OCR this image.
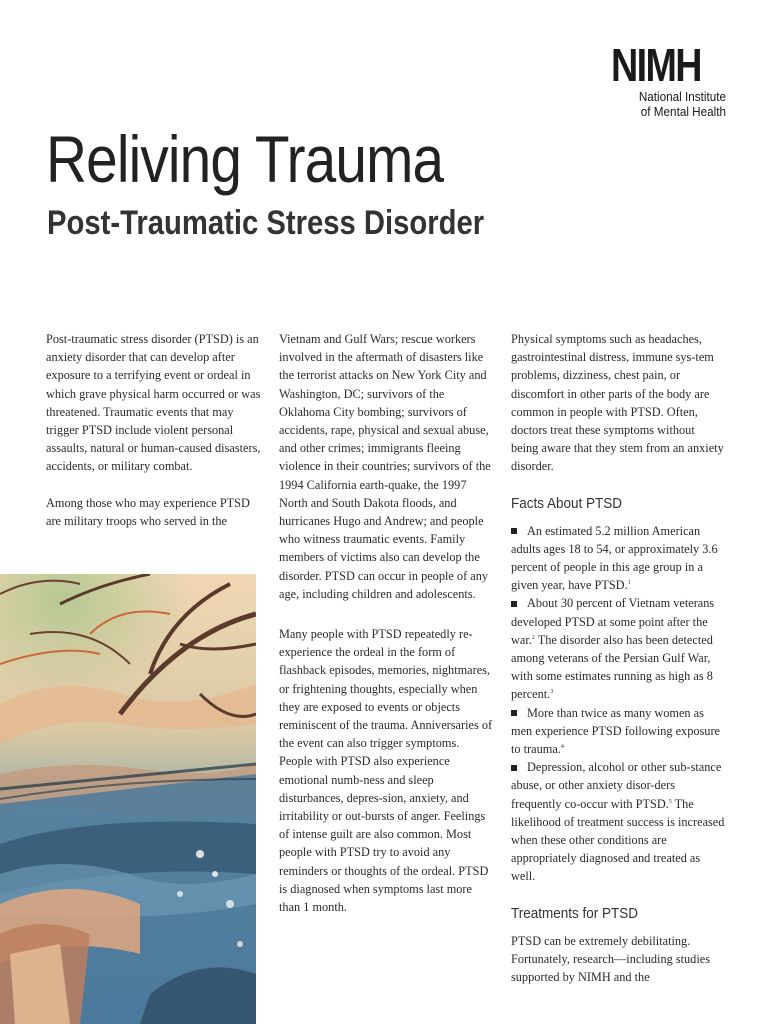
NIMH
National Institute
of Mental Health
Reliving Trauma
Post-Traumatic Stress Disorder

Post-traumatic stress disorder (PTSD) is an anxiety disorder that can develop after exposure to a terrifying event or ordeal in which grave physical harm occurred or was threatened. Traumatic events that may trigger PTSD include violent personal assaults, natural or human-caused disasters, accidents, or military combat.

Among those who may experience PTSD are military troops who served in the

Vietnam and Gulf Wars; rescue workers involved in the aftermath of disasters like the terrorist attacks on New York City and Washington, DC; survivors of the Oklahoma City bombing; survivors of accidents, rape, physical and sexual abuse, and other crimes; immigrants fleeing violence in their countries; survivors of the 1994 California earth-quake, the 1997 North and South Dakota floods, and hurricanes Hugo and Andrew; and people who witness traumatic events. Family members of victims also can develop the disorder. PTSD can occur in people of any age, including children and adolescents.

Many people with PTSD repeatedly re-experience the ordeal in the form of flashback episodes, memories, nightmares, or frightening thoughts, especially when they are exposed to events or objects reminiscent of the trauma. Anniversaries of the event can also trigger symptoms. People with PTSD also experience emotional numb-ness and sleep disturbances, depres-sion, anxiety, and irritability or out-bursts of anger. Feelings of intense guilt are also common. Most people with PTSD try to avoid any reminders or thoughts of the ordeal. PTSD is diagnosed when symptoms last more than 1 month.

Physical symptoms such as headaches, gastrointestinal distress, immune sys-tem problems, dizziness, chest pain, or discomfort in other parts of the body are common in people with PTSD. Often, doctors treat these symptoms without being aware that they stem from an anxiety disorder.

Facts About PTSD

An estimated 5.2 million American adults ages 18 to 54, or approximately 3.6 percent of people in this age group in a given year, have PTSD.$^1$

About 30 percent of Vietnam veterans developed PTSD at some point after the war.$^2$ The disorder also has been detected among veterans of the Persian Gulf War, with some estimates running as high as 8 percent.$^3$

More than twice as many women as men experience PTSD following exposure to trauma.$^4$

Depression, alcohol or other sub-stance abuse, or other anxiety disor-ders frequently co-occur with PTSD.$^5$ The likelihood of treatment success is increased when these other conditions are appropriately diagnosed and treated as well.

Treatments for PTSD

PTSD can be extremely debilitating. Fortunately, research—including studies supported by NIMH and the
